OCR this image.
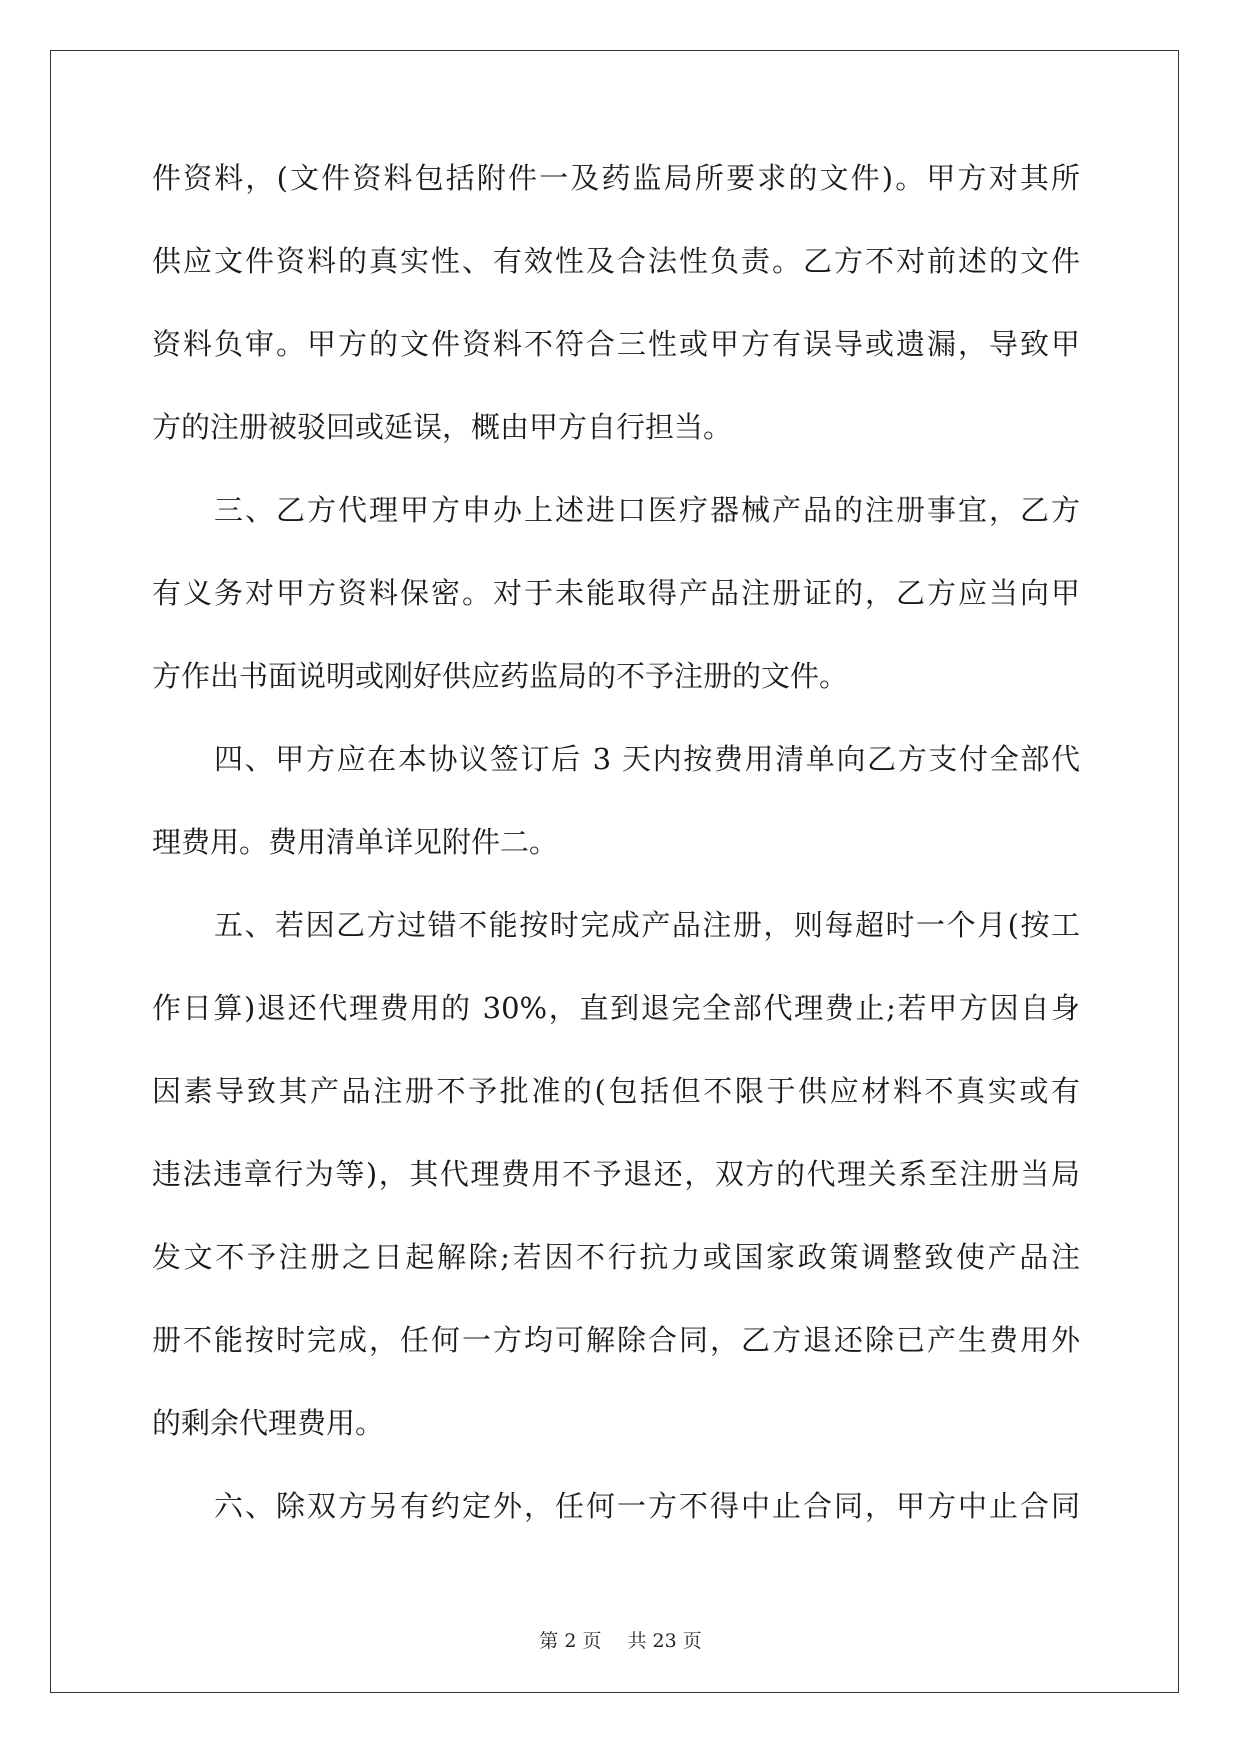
件资料，(文件资料包括附件一及药监局所要求的文件)。甲方对其所
供应文件资料的真实性、有效性及合法性负责。乙方不对前述的文件
资料负审。甲方的文件资料不符合三性或甲方有误导或遗漏，导致甲
方的注册被驳回或延误，概由甲方自行担当。
三、乙方代理甲方申办上述进口医疗器械产品的注册事宜，乙方
有义务对甲方资料保密。对于未能取得产品注册证的，乙方应当向甲
方作出书面说明或刚好供应药监局的不予注册的文件。
四、甲方应在本协议签订后 3 天内按费用清单向乙方支付全部代
理费用。费用清单详见附件二。
五、若因乙方过错不能按时完成产品注册，则每超时一个月(按工
作日算)退还代理费用的 30%，直到退完全部代理费止;若甲方因自身
因素导致其产品注册不予批准的(包括但不限于供应材料不真实或有
违法违章行为等)，其代理费用不予退还，双方的代理关系至注册当局
发文不予注册之日起解除;若因不行抗力或国家政策调整致使产品注
册不能按时完成，任何一方均可解除合同，乙方退还除已产生费用外
的剩余代理费用。
六、除双方另有约定外，任何一方不得中止合同，甲方中止合同
第 2 页 共 23 页
